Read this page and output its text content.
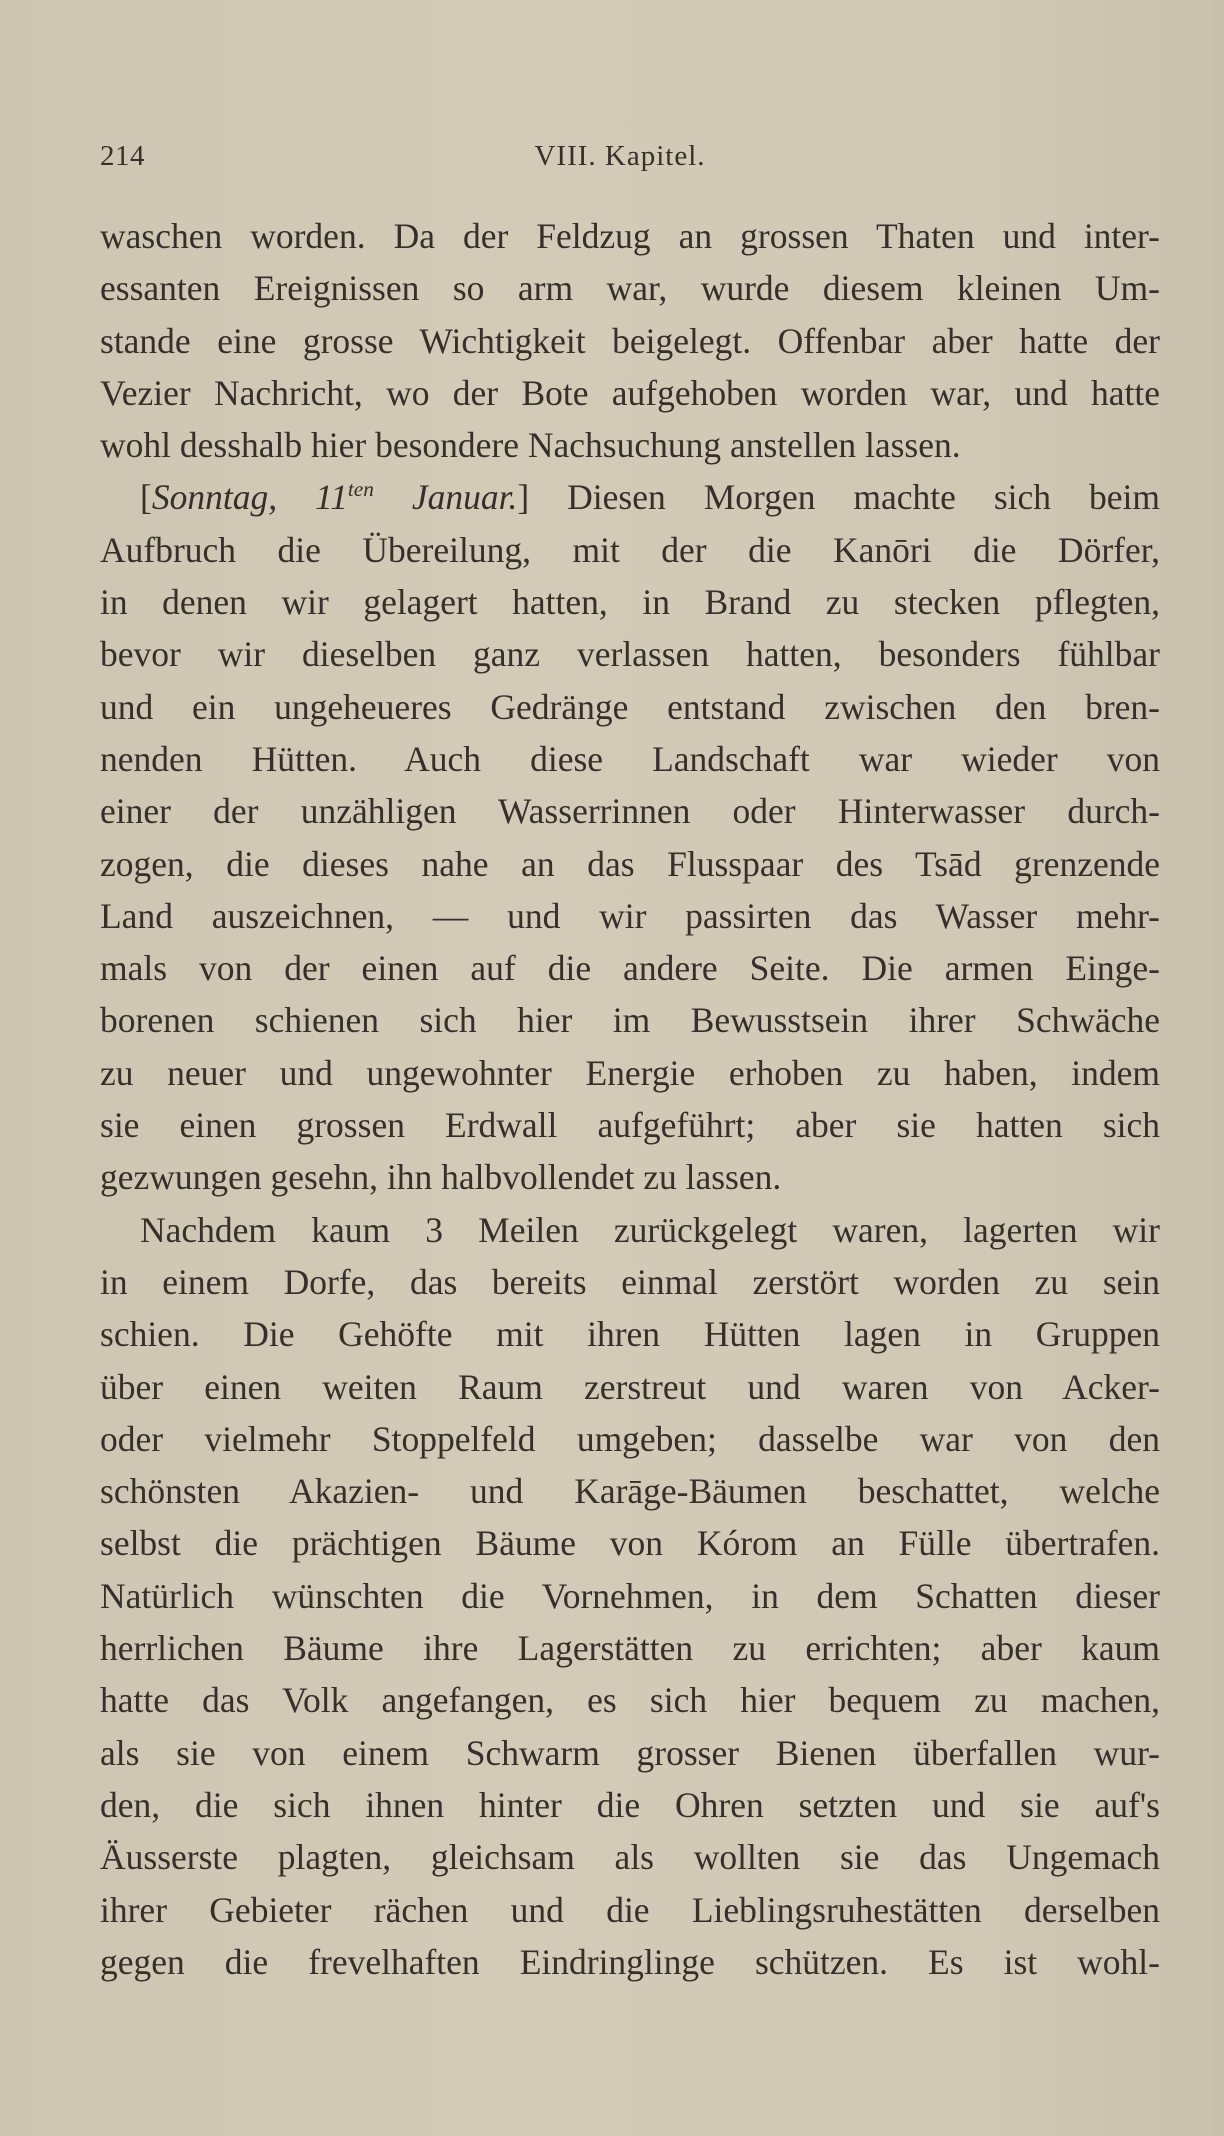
214	VIII. Kapitel.
waschen worden. Da der Feldzug an grossen Thaten und inter-
essanten Ereignissen so arm war, wurde diesem kleinen Um-
stande eine grosse Wichtigkeit beigelegt. Offenbar aber hatte der
Vezier Nachricht, wo der Bote aufgehoben worden war, und hatte
wohl desshalb hier besondere Nachsuchung anstellen lassen.
[Sonntag, $11^{ten}$ Januar.] Diesen Morgen machte sich beim
Aufbruch die Übereilung, mit der die Kanōri die Dörfer,
in denen wir gelagert hatten, in Brand zu stecken pflegten,
bevor wir dieselben ganz verlassen hatten, besonders fühlbar
und ein ungeheueres Gedränge entstand zwischen den bren-
nenden Hütten. Auch diese Landschaft war wieder von
einer der unzähligen Wasserrinnen oder Hinterwasser durch-
zogen, die dieses nahe an das Flusspaar des Tsād grenzende
Land auszeichnen, — und wir passirten das Wasser mehr-
mals von der einen auf die andere Seite. Die armen Einge-
borenen schienen sich hier im Bewusstsein ihrer Schwäche
zu neuer und ungewohnter Energie erhoben zu haben, indem
sie einen grossen Erdwall aufgeführt; aber sie hatten sich
gezwungen gesehn, ihn halbvollendet zu lassen.
Nachdem kaum 3 Meilen zurückgelegt waren, lagerten wir
in einem Dorfe, das bereits einmal zerstört worden zu sein
schien. Die Gehöfte mit ihren Hütten lagen in Gruppen
über einen weiten Raum zerstreut und waren von Acker-
oder vielmehr Stoppelfeld umgeben; dasselbe war von den
schönsten Akazien- und Karāge-Bäumen beschattet, welche
selbst die prächtigen Bäume von Kórom an Fülle übertrafen.
Natürlich wünschten die Vornehmen, in dem Schatten dieser
herrlichen Bäume ihre Lagerstätten zu errichten; aber kaum
hatte das Volk angefangen, es sich hier bequem zu machen,
als sie von einem Schwarm grosser Bienen überfallen wur-
den, die sich ihnen hinter die Ohren setzten und sie auf's
Äusserste plagten, gleichsam als wollten sie das Ungemach
ihrer Gebieter rächen und die Lieblingsruhestätten derselben
gegen die frevelhaften Eindringlinge schützen. Es ist wohl-
